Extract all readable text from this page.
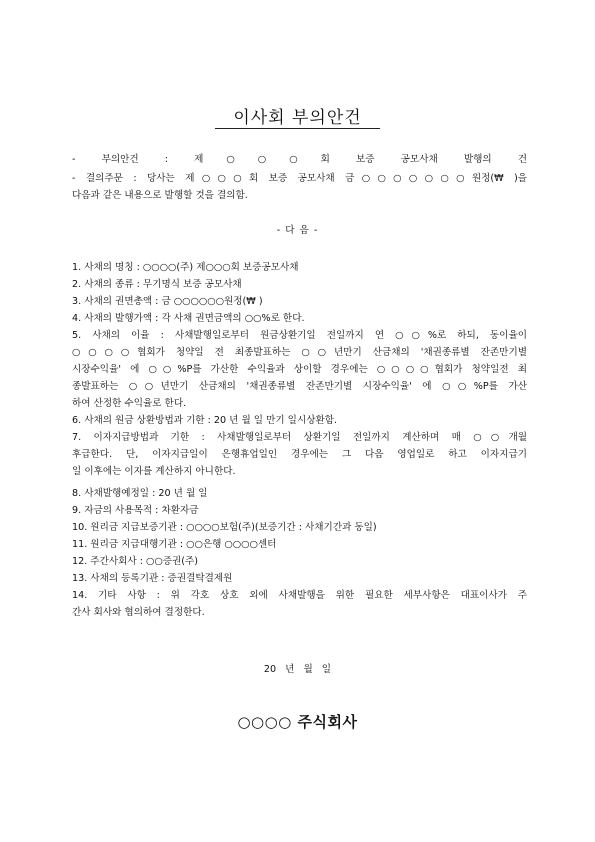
이사회 부의안건
- 부의안건 : 제○○○회 보증 공모사채 발행의 건
- 결의주문 : 당사는 제○○○회 보증 공모사채 금○○○○○○○원정(₩ )을
다음과 같은 내용으로 발행할 것을 결의함.
- 다 음 -
1. 사채의 명칭 : ○○○○(주) 제○○○회 보증공모사채
2. 사채의 종류 : 무기명식 보증 공모사채
3. 사채의 권면총액 : 금 ○○○○○○원정(₩ )
4. 사채의 발행가액 : 각 사채 권면금액의 ○○%로 한다.
5. 사채의 이율 : 사채발행일로부터 원금상환기일 전일까지 연 ○○%로 하되, 동이율이
○○○○협회가 청약일 전 최종발표하는 ○○년만기 산금채의 '채권종류별 잔존만기별
시장수익율' 에 ○○%P를 가산한 수익율과 상이할 경우에는 ○○○○협회가 청약일전 최
종발표하는 ○○년만기 산금채의 '채권종류별 잔존만기별 시장수익율' 에 ○○%P를 가산
하여 산정한 수익율로 한다.
6. 사채의 원금 상환방법과 기한 : 20 년 월 일 만기 일시상환함.
7. 이자지급방법과 기한 : 사채발행일로부터 상환기일 전일까지 계산하며 매 ○○개월
후급한다. 단, 이자지급일이 은행휴업일인 경우에는 그 다음 영업일로 하고 이자지급기
일 이후에는 이자를 계산하지 아니한다.
8. 사채발행예정일 : 20 년 월 일
9. 자금의 사용목적 : 차환자금
10. 원리금 지급보증기관 : ○○○○보험(주)(보증기간 : 사채기간과 동일)
11. 원리금 지급대행기관 : ○○은행 ○○○○센터
12. 주간사회사 : ○○증권(주)
13. 사채의 등록기관 : 증권결탁결제원
14. 기타 사항 : 위 각호 상호 외에 사채발행을 위한 필요한 세부사항은 대표이사가 주
간사 회사와 협의하여 결정한다.
20 년 월 일
○○○○ 주식회사
